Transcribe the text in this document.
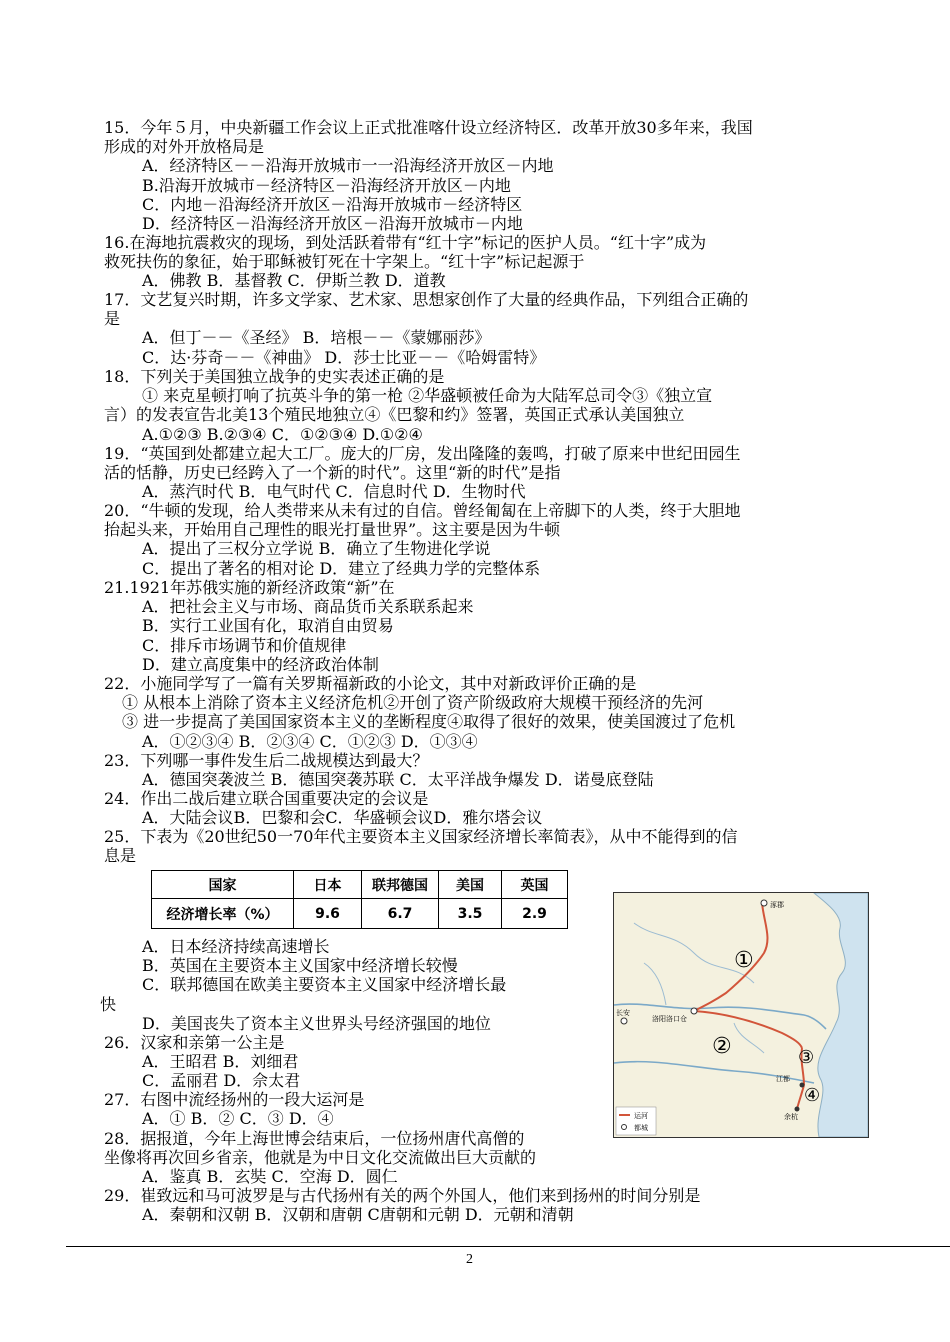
15．今年５月，中央新疆工作会议上正式批准喀什设立经济特区．改革开放30多年来，我国
形成的对外开放格局是
A．经济特区－－沿海开放城市一一沿海经济开放区－内地
B.沿海开放城市－经济特区－沿海经济开放区－内地
C．内地－沿海经济开放区－沿海开放城市－经济特区
D．经济特区－沿海经济开放区－沿海开放城市－内地
16.在海地抗震救灾的现场，到处活跃着带有“红十字”标记的医护人员。“红十字”成为
救死扶伤的象征，始于耶稣被钉死在十字架上。“红十字”标记起源于
A．佛教 B．基督教 C．伊斯兰教 D．道教
17．文艺复兴时期，许多文学家、艺术家、思想家创作了大量的经典作品，下列组合正确的
是
A．但丁－－《圣经》 B．培根－－《蒙娜丽莎》
C．达·芬奇－－《神曲》 D．莎士比亚－－《哈姆雷特》
18．下列关于美国独立战争的史实表述正确的是
① 来克星顿打响了抗英斗争的第一枪 ②华盛顿被任命为大陆军总司令③《独立宣
言）的发表宣告北美13个殖民地独立④《巴黎和约》签署，英国正式承认美国独立
A.①②③ B.②③④ C．①②③④ D.①②④
19．“英国到处都建立起大工厂。庞大的厂房，发出隆隆的轰鸣，打破了原来中世纪田园生
活的恬静，历史已经跨入了一个新的时代”。这里“新的时代”是指
A．蒸汽时代 B．电气时代 C．信息时代 D．生物时代
20．“牛顿的发现，给人类带来从未有过的自信。曾经匍匐在上帝脚下的人类，终于大胆地
抬起头来，开始用自己理性的眼光打量世界”。这主要是因为牛顿
A．提出了三权分立学说 B．确立了生物进化学说
C．提出了著名的相对论 D．建立了经典力学的完整体系
21.1921年苏俄实施的新经济政策“新”在
A．把社会主义与市场、商品货币关系联系起来
B．实行工业国有化，取消自由贸易
C．排斥市场调节和价值规律
D．建立高度集中的经济政治体制
22．小施同学写了一篇有关罗斯福新政的小论文，其中对新政评价正确的是
① 从根本上消除了资本主义经济危机②开创了资产阶级政府大规模干预经济的先河
③ 进一步提高了美国国家资本主义的垄断程度④取得了很好的效果，使美国渡过了危机
A．①②③④ B．②③④ C．①②③ D．①③④
23．下列哪一事件发生后二战规模达到最大？
A．德国突袭波兰 B．德国突袭苏联 C．太平洋战争爆发 D．诺曼底登陆
24．作出二战后建立联合国重要决定的会议是
A．大陆会议B．巴黎和会C．华盛顿会议D．雅尔塔会议
25．下表为《20世纪50一70年代主要资本主义国家经济增长率简表》，从中不能得到的信
息是
国家	日本	联邦德国	美国	英国
经济增长率（%）	9.6	6.7	3.5	2.9
A．日本经济持续高速增长
B．英国在主要资本主义国家中经济增长较慢
C．联邦德国在欧美主要资本主义国家中经济增长最
快
D．美国丧失了资本主义世界头号经济强国的地位
26．汉家和亲第一公主是
A．王昭君 B．刘细君
C．孟丽君 D．佘太君
27．右图中流经扬州的一段大运河是
A．① B．② C．③ D．④
28．据报道，今年上海世博会结束后，一位扬州唐代高僧的
坐像将再次回乡省亲，他就是为中日文化交流做出巨大贡献的
A．鉴真 B．玄奘 C．空海 D．圆仁
29．崔致远和马可波罗是与古代扬州有关的两个外国人，他们来到扬州的时间分别是
A．秦朝和汉朝 B．汉朝和唐朝 C唐朝和元朝 D．元朝和清朝
①
②	③
④
涿郡
长安
洛阳洛口仓
江都
余杭
运河
都城
2
